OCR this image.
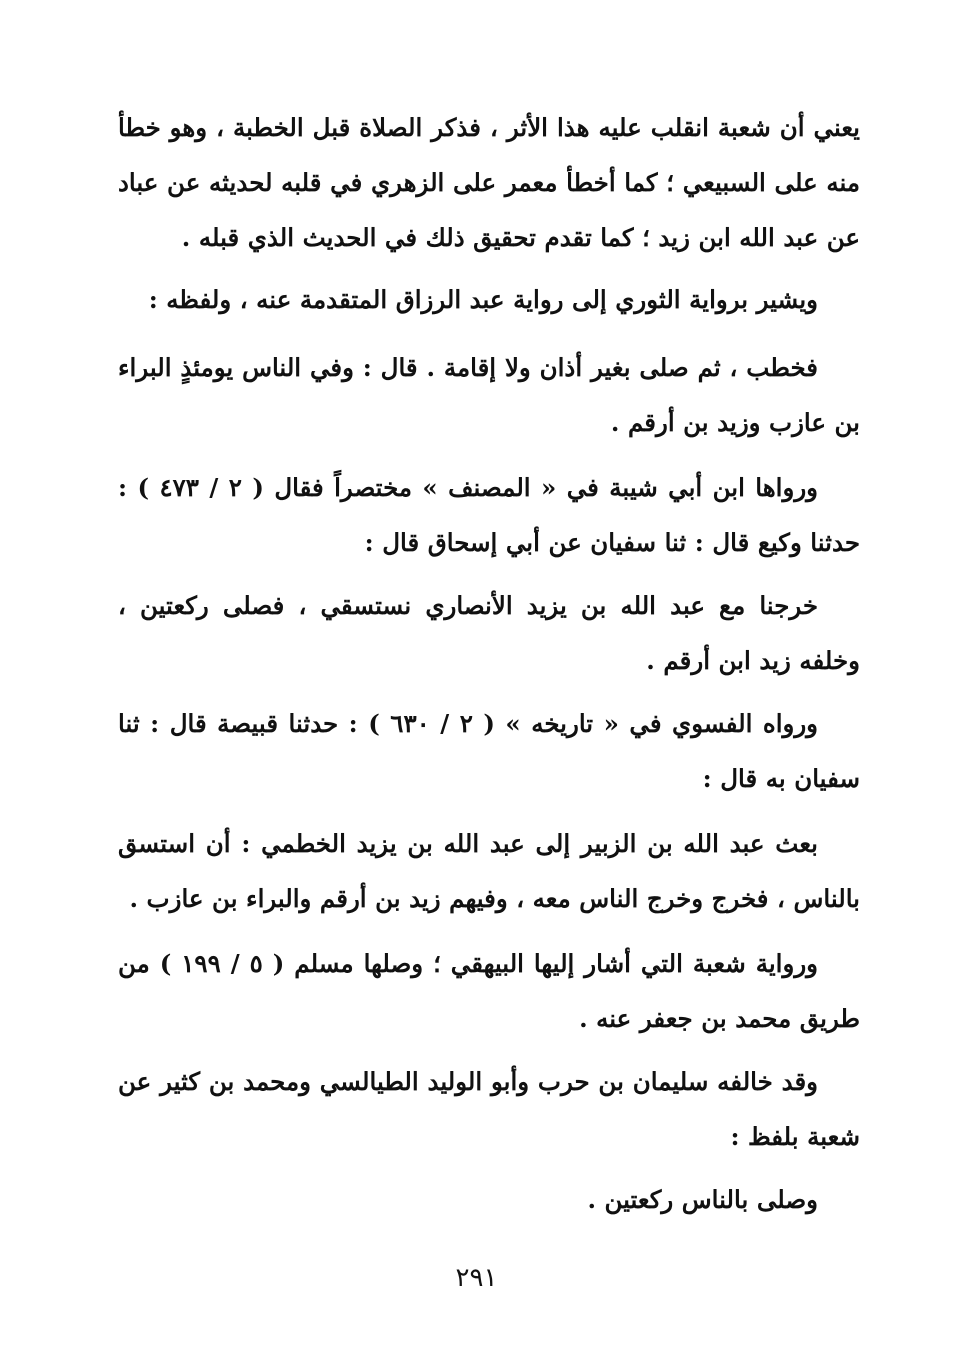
يعني أن شعبة انقلب عليه هذا الأثر ، فذكر الصلاة قبل الخطبة ، وهو خطأ منه على السبيعي ؛ كما أخطأ معمر على الزهري في قلبه لحديثه عن عباد عن عبد الله ابن زيد ؛ كما تقدم تحقيق ذلك في الحديث الذي قبله .

ويشير برواية الثوري إلى رواية عبد الرزاق المتقدمة عنه ، ولفظه :

فخطب ، ثم صلى بغير أذان ولا إقامة . قال : وفي الناس يومئذٍ البراء بن عازب وزيد بن أرقم .

ورواها ابن أبي شيبة في « المصنف » مختصراً فقال ( ٢ / ٤٧٣ ) : حدثنا وكيع قال : ثنا سفيان عن أبي إسحاق قال :

خرجنا مع عبد الله بن يزيد الأنصاري نستسقي ، فصلى ركعتين ، وخلفه زيد ابن أرقم .

ورواه الفسوي في « تاريخه » ( ٢ / ٦٣٠ ) : حدثنا قبيصة قال : ثنا سفيان به قال :

بعث عبد الله بن الزبير إلى عبد الله بن يزيد الخطمي : أن استسق بالناس ، فخرج وخرج الناس معه ، وفيهم زيد بن أرقم والبراء بن عازب .

ورواية شعبة التي أشار إليها البيهقي ؛ وصلها مسلم ( ٥ / ١٩٩ ) من طريق محمد بن جعفر عنه .

وقد خالفه سليمان بن حرب وأبو الوليد الطيالسي ومحمد بن كثير عن شعبة بلفظ :

وصلى بالناس ركعتين .

٢٩١
